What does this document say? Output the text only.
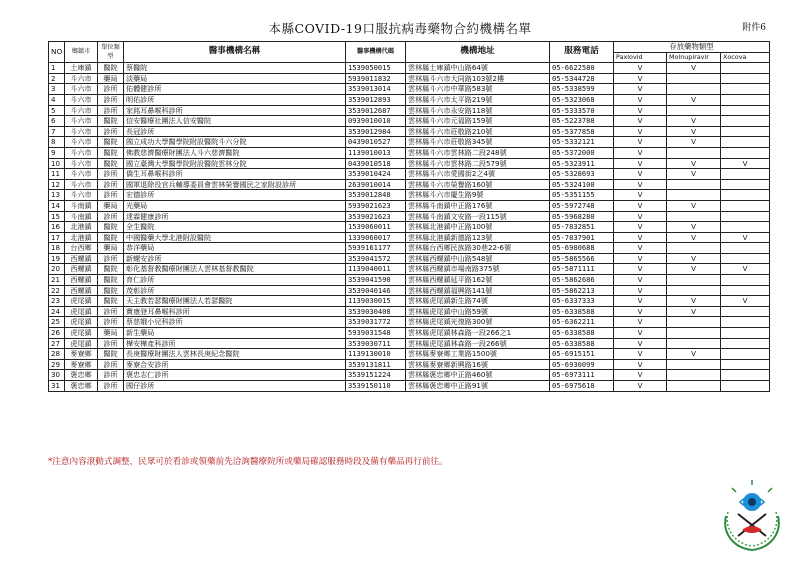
本縣COVID-19口服抗病毒藥物合約機構名單	附件6
NO	鄉鎮市	單位類型	醫事機構名稱	醫事機構代碼	機構地址	服務電話	存放藥物類型		
							Paxlovid	Molnupiravir	Xocova
1	土庫鎮	醫院	蔡醫院	1539050015	雲林縣土庫鎮中山路64號	05-6622580	V	V	
2	斗六市	藥局	淡藥局	5939011832	雲林縣斗六市大同路103號2樓	05-5344728	V		
3	斗六市	診所	佑體健診所	3539013014	雲林縣斗六市中華路583號	05-5338599	V		
4	斗六市	診所	明佑診所	3539012893	雲林縣斗六市太平路219號	05-5323068	V	V	
5	斗六市	診所	家銘耳鼻喉科診所	3539012687	雲林縣斗六市永安路118號	05-5333570	V		
6	斗六市	醫院	信安醫療社團法人信安醫院	0939010018	雲林縣斗六市元福路159號	05-5223788	V	V	
7	斗六市	診所	長冠診所	3539012984	雲林縣斗六市莊敬路210號	05-5377858	V	V	
8	斗六市	醫院	國立成功大學醫學院附設醫院斗六分院	0439010527	雲林縣斗六市莊敬路345號	05-5332121	V	V	
9	斗六市	醫院	佛教慈濟醫療財團法人斗六慈濟醫院	1139010013	雲林縣斗六市雲林路二段248號	05-5372000	V		
10	斗六市	醫院	國立臺灣大學醫學院附設醫院雲林分院	0439010518	雲林縣斗六市雲林路二段579號	05-5323911	V	V	V
11	斗六市	診所	僑生耳鼻喉科診所	3539010424	雲林縣斗六市愛國街2之4號	05-5328693	V	V	
12	斗六市	診所	國軍退除役官兵輔導委員會雲林榮譽國民之家附設診所	2639010014	雲林縣斗六市榮譽路160號	05-5324100	V		
13	斗六市	診所	宏德診所	3539012848	雲林縣斗六市慶生路9號	05-5351155	V		
14	斗南鎮	藥局	光藥局	5939021623	雲林縣斗南鎮中正路176號	05-5972748	V	V	
15	斗南鎮	診所	達霖健康診所	3539021623	雲林縣斗南鎮文安路一段115號	05-5968280	V		
16	北港鎮	醫院	全生醫院	1539060011	雲林縣北港鎮中正路100號	05-7832851	V	V	
17	北港鎮	醫院	中國醫藥大學北港附設醫院	1339060017	雲林縣北港鎮新德路123號	05-7837901	V	V	V
18	台西鄉	藥局	恭洋藥局	5939161177	雲林縣台西鄉民族路30巷22-6號	05-6980688	V		
19	西螺鎮	診所	新螺安診所	3539041572	雲林縣西螺鎮中山路548號	05-5865566	V	V	
20	西螺鎮	醫院	彰化基督教醫療財團法人雲林基督教醫院	1139040011	雲林縣西螺鎮市場南路375號	05-5871111	V	V	V
21	西螺鎮	醫院	育仁診所	3539041590	雲林縣西螺鎮延平路162號	05-5862686	V		
22	西螺鎮	醫院	茂彰診所	3539040146	雲林縣西螺鎮福興路141號	05-5862213	V		
23	虎尾鎮	醫院	天主教若瑟醫療財團法人若瑟醫院	1139030015	雲林縣虎尾鎮新生路74號	05-6337333	V	V	V
24	虎尾鎮	診所	寶康登耳鼻喉科診所	3539030408	雲林縣虎尾鎮中山路59號	05-6338588	V	V	
25	虎尾鎮	診所	蔡慈娥小兒科診所	3539031772	雲林縣虎尾鎮光復路300號	05-6362211	V		
26	虎尾鎮	藥局	新生藥局	5939031548	雲林縣虎尾鎮林森路一段266之1	05-6338588	V		
27	虎尾鎮	診所	樺安樺產科診所	3539030711	雲林縣虎尾鎮林森路一段266號	05-6338588	V		
28	麥寮鄉	醫院	長庚醫療財團法人雲林長庚紀念醫院	1139130010	雲林縣麥寮鄉工業路1500號	05-6915151	V	V	
29	麥寮鄉	診所	麥寮合安診所	3539131811	雲林縣麥寮鄉新興路16號	05-6930099	V		
30	褒忠鄉	診所	褒忠志仁診所	3539151224	雲林縣褒忠鄉中正路460號	05-6973111	V		
31	褒忠鄉	診所	國仔診所	3539150110	雲林縣褒忠鄉中正路91號	05-6975618	V		
*注意內容滾動式調整，民眾可於看診或領藥前先洽詢醫療院所或藥局確認服務時段及備有藥品再行前往。
